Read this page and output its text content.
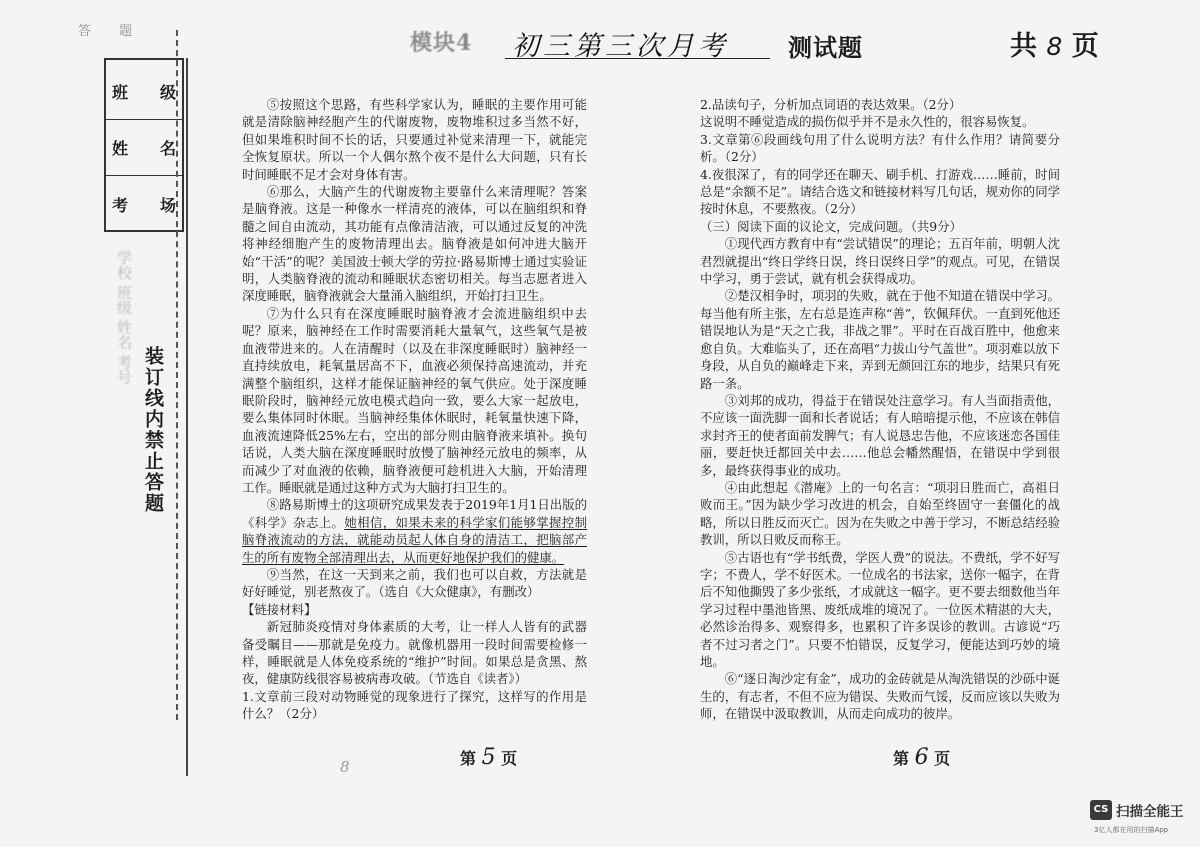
模块4 初三第三次月考 测试题	共 8 页
答 题
班 级
姓 名
考 场
学校 班级 姓名 考号
装订线内禁止答题

⑤按照这个思路，有些科学家认为，睡眠的主要作用可能就是清除脑神经胞产生的代谢废物，废物堆积过多当然不好，但如果堆积时间不长的话，只要通过补觉来清理一下，就能完全恢复原状。所以一个人偶尔熬个夜不是什么大问题，只有长时间睡眠不足才会对身体有害。

⑥那么，大脑产生的代谢废物主要靠什么来清理呢？答案是脑脊液。这是一种像水一样清亮的液体，可以在脑组织和脊髓之间自由流动，其功能有点像清洁液，可以通过反复的冲洗将神经细胞产生的废物清理出去。脑脊液是如何冲进大脑开始“干活”的呢？美国波士顿大学的劳拉·路易斯博士通过实验证明，人类脑脊液的流动和睡眠状态密切相关。每当志愿者进入深度睡眠，脑脊液就会大量涌入脑组织，开始打扫卫生。

⑦为什么只有在深度睡眠时脑脊液才会流进脑组织中去呢？原来，脑神经在工作时需要消耗大量氧气，这些氧气是被血液带进来的。人在清醒时（以及在非深度睡眠时）脑神经一直持续放电，耗氧量居高不下，血液必须保持高速流动，并充满整个脑组织，这样才能保证脑神经的氧气供应。处于深度睡眠阶段时，脑神经元放电模式趋向一致，要么大家一起放电，要么集体同时休眠。当脑神经集体休眠时，耗氧量快速下降，血液流速降低25%左右，空出的部分则由脑脊液来填补。换句话说，人类大脑在深度睡眠时放慢了脑神经元放电的频率，从而减少了对血液的依赖，脑脊液便可趁机进入大脑，开始清理工作。睡眠就是通过这种方式为大脑打扫卫生的。

⑧路易斯博士的这项研究成果发表于2019年1月1日出版的《科学》杂志上。她相信，如果未来的科学家们能够掌握控制脑脊液流动的方法，就能动员起人体自身的清洁工，把脑部产生的所有废物全部清理出去，从而更好地保护我们的健康。

⑨当然，在这一天到来之前，我们也可以自救，方法就是好好睡觉，别老熬夜了。（选自《大众健康》，有删改）

【链接材料】

新冠肺炎疫情对身体素质的大考，让一样人人皆有的武器备受瞩目——那就是免疫力。就像机器用一段时间需要检修一样，睡眠就是人体免疫系统的“维护”时间。如果总是贪黑、熬夜，健康防线很容易被病毒攻破。（节选自《读者》）

1.文章前三段对动物睡觉的现象进行了探究，这样写的作用是什么？（2分）

2.品读句子，分析加点词语的表达效果。（2分）

这说明不睡觉造成的损伤似乎并不是永久性的，很容易恢复。

3.文章第⑥段画线句用了什么说明方法？有什么作用？请简要分析。（2分）

4.夜很深了，有的同学还在聊天、刷手机、打游戏……睡前，时间总是“余额不足”。请结合选文和链接材料写几句话，规劝你的同学按时休息，不要熬夜。（2分）

（三）阅读下面的议论文，完成问题。（共9分）

①现代西方教育中有“尝试错误”的理论；五百年前，明朝人沈君烈就提出“终日学终日误，终日误终日学”的观点。可见，在错误中学习，勇于尝试，就有机会获得成功。

②楚汉相争时，项羽的失败，就在于他不知道在错误中学习。每当他有所主张，左右总是连声称“善”，钦佩拜伏。一直到死他还错误地认为是“天之亡我，非战之罪”。平时在百战百胜中，他愈来愈自负。大难临头了，还在高唱“力拔山兮气盖世”。项羽难以放下身段，从自负的巅峰走下来，弄到无颜回江东的地步，结果只有死路一条。

③刘邦的成功，得益于在错误处注意学习。有人当面指责他，不应该一面洗脚一面和长者说话；有人暗暗提示他，不应该在韩信求封齐王的使者面前发脾气；有人说恳忠告他，不应该迷恋各国佳丽，要赶快迁都回关中去……他总会幡然醒悟，在错误中学到很多，最终获得事业的成功。

④由此想起《潜庵》上的一句名言：“项羽日胜而亡，高祖日败而王。”因为缺少学习改进的机会，自始至终固守一套僵化的战略，所以日胜反而灭亡。因为在失败之中善于学习，不断总结经验教训，所以日败反而称王。

⑤古语也有“学书纸费，学医人费”的说法。不费纸，学不好写字；不费人，学不好医术。一位成名的书法家，送你一幅字，在背后不知他撕毁了多少张纸，才成就这一幅字。更不要去细数他当年学习过程中墨池皆黑、废纸成堆的境况了。一位医术精湛的大夫，必然诊治得多、观察得多，也累积了许多误诊的教训。古谚说“巧者不过习者之门”。只要不怕错误，反复学习，便能达到巧妙的境地。

⑥“逐日淘沙定有金”，成功的金砖就是从淘洗错误的沙砾中诞生的，有志者，不但不应为错误、失败而气馁，反而应该以失败为师，在错误中汲取教训，从而走向成功的彼岸。

8	第 5 页	第 6 页
CS 扫描全能王
3亿人都在用的扫描App
